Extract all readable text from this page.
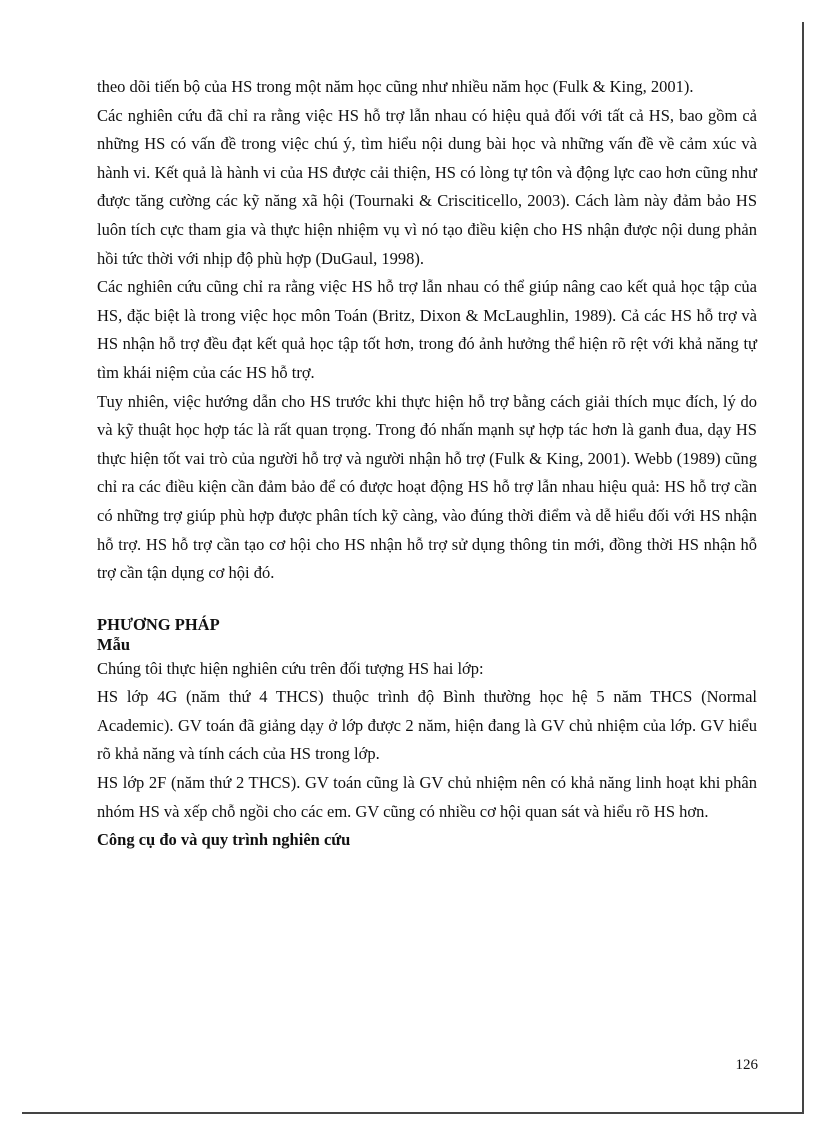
theo dõi tiến bộ của HS trong một năm học cũng như nhiều năm học (Fulk & King, 2001).

Các nghiên cứu đã chỉ ra rằng việc HS hỗ trợ lẫn nhau có hiệu quả đối với tất cả HS, bao gồm cả những HS có vấn đề trong việc chú ý, tìm hiểu nội dung bài học và những vấn đề về cảm xúc và hành vi. Kết quả là hành vi của HS được cải thiện, HS có lòng tự tôn và động lực cao hơn cũng như được tăng cường các kỹ năng xã hội (Tournaki & Crisciticello, 2003). Cách làm này đảm bảo HS luôn tích cực tham gia và thực hiện nhiệm vụ vì nó tạo điều kiện cho HS nhận được nội dung phản hồi tức thời với nhịp độ phù hợp (DuGaul, 1998).

Các nghiên cứu cũng chỉ ra rằng việc HS hỗ trợ lẫn nhau có thể giúp nâng cao kết quả học tập của HS, đặc biệt là trong việc học môn Toán (Britz, Dixon & McLaughlin, 1989). Cả các HS hỗ trợ và HS nhận hỗ trợ đều đạt kết quả học tập tốt hơn, trong đó ảnh hưởng thể hiện rõ rệt với khả năng tự tìm khái niệm của các HS hỗ trợ.

Tuy nhiên, việc hướng dẫn cho HS trước khi thực hiện hỗ trợ bằng cách giải thích mục đích, lý do và kỹ thuật học hợp tác là rất quan trọng. Trong đó nhấn mạnh sự hợp tác hơn là ganh đua, dạy HS thực hiện tốt vai trò của người hỗ trợ và người nhận hỗ trợ (Fulk & King, 2001). Webb (1989) cũng chỉ ra các điều kiện cần đảm bảo để có được hoạt động HS hỗ trợ lẫn nhau hiệu quả: HS hỗ trợ cần có những trợ giúp phù hợp được phân tích kỹ càng, vào đúng thời điểm và dễ hiểu đối với HS nhận hỗ trợ. HS hỗ trợ cần tạo cơ hội cho HS nhận hỗ trợ sử dụng thông tin mới, đồng thời HS nhận hỗ trợ cần tận dụng cơ hội đó.

PHƯƠNG PHÁP
Mẫu

Chúng tôi thực hiện nghiên cứu trên đối tượng HS hai lớp:

HS lớp 4G (năm thứ 4 THCS) thuộc trình độ Bình thường học hệ 5 năm THCS (Normal Academic). GV toán đã giảng dạy ở lớp được 2 năm, hiện đang là GV chủ nhiệm của lớp. GV hiểu rõ khả năng và tính cách của HS trong lớp.

HS lớp 2F (năm thứ 2 THCS). GV toán cũng là GV chủ nhiệm nên có khả năng linh hoạt khi phân nhóm HS và xếp chỗ ngồi cho các em. GV cũng có nhiều cơ hội quan sát và hiểu rõ HS hơn.

Công cụ đo và quy trình nghiên cứu

126
